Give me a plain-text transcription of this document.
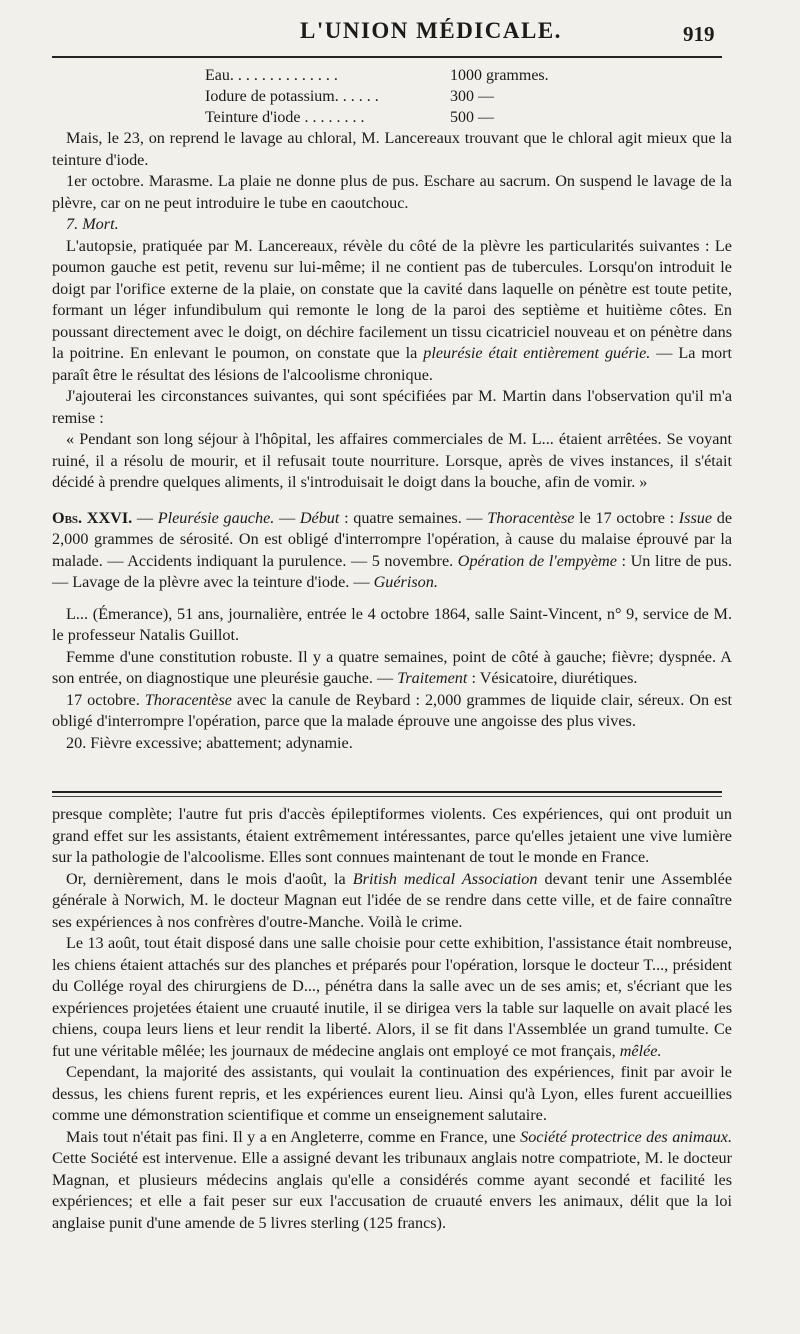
L'UNION MÉDICALE.	919
Eau. . . . . . . . . . . . . .	1000 grammes.
Iodure de potassium. . . . . .	300 —
Teinture d'iode . . . . . . . .	500 —

Mais, le 23, on reprend le lavage au chloral, M. Lancereaux trouvant que le chloral agit mieux que la teinture d'iode.

1er octobre. Marasme. La plaie ne donne plus de pus. Eschare au sacrum. On suspend le lavage de la plèvre, car on ne peut introduire le tube en caoutchouc.

7. Mort.

L'autopsie, pratiquée par M. Lancereaux, révèle du côté de la plèvre les particularités suivantes : Le poumon gauche est petit, revenu sur lui-même; il ne contient pas de tubercules. Lorsqu'on introduit le doigt par l'orifice externe de la plaie, on constate que la cavité dans laquelle on pénètre est toute petite, formant un léger infundibulum qui remonte le long de la paroi des septième et huitième côtes. En poussant directement avec le doigt, on déchire facilement un tissu cicatriciel nouveau et on pénètre dans la poitrine. En enlevant le poumon, on constate que la pleurésie était entièrement guérie. — La mort paraît être le résultat des lésions de l'alcoolisme chronique.

J'ajouterai les circonstances suivantes, qui sont spécifiées par M. Martin dans l'observation qu'il m'a remise :

« Pendant son long séjour à l'hôpital, les affaires commerciales de M. L... étaient arrêtées. Se voyant ruiné, il a résolu de mourir, et il refusait toute nourriture. Lorsque, après de vives instances, il s'était décidé à prendre quelques aliments, il s'introduisait le doigt dans la bouche, afin de vomir. »

Obs. XXVI. — Pleurésie gauche. — Début : quatre semaines. — Thoracentèse le 17 octobre : Issue de 2,000 grammes de sérosité. On est obligé d'interrompre l'opération, à cause du malaise éprouvé par la malade. — Accidents indiquant la purulence. — 5 novembre. Opération de l'empyème : Un litre de pus. — Lavage de la plèvre avec la teinture d'iode. — Guérison.

L... (Émerance), 51 ans, journalière, entrée le 4 octobre 1864, salle Saint-Vincent, n° 9, service de M. le professeur Natalis Guillot.

Femme d'une constitution robuste. Il y a quatre semaines, point de côté à gauche; fièvre; dyspnée. A son entrée, on diagnostique une pleurésie gauche. — Traitement : Vésicatoire, diurétiques.

17 octobre. Thoracentèse avec la canule de Reybard : 2,000 grammes de liquide clair, séreux. On est obligé d'interrompre l'opération, parce que la malade éprouve une angoisse des plus vives.

20. Fièvre excessive; abattement; adynamie.

presque complète; l'autre fut pris d'accès épileptiformes violents. Ces expériences, qui ont produit un grand effet sur les assistants, étaient extrêmement intéressantes, parce qu'elles jetaient une vive lumière sur la pathologie de l'alcoolisme. Elles sont connues maintenant de tout le monde en France.

Or, dernièrement, dans le mois d'août, la British medical Association devant tenir une Assemblée générale à Norwich, M. le docteur Magnan eut l'idée de se rendre dans cette ville, et de faire connaître ses expériences à nos confrères d'outre-Manche. Voilà le crime.

Le 13 août, tout était disposé dans une salle choisie pour cette exhibition, l'assistance était nombreuse, les chiens étaient attachés sur des planches et préparés pour l'opération, lorsque le docteur T..., président du Collége royal des chirurgiens de D..., pénétra dans la salle avec un de ses amis; et, s'écriant que les expériences projetées étaient une cruauté inutile, il se dirigea vers la table sur laquelle on avait placé les chiens, coupa leurs liens et leur rendit la liberté. Alors, il se fit dans l'Assemblée un grand tumulte. Ce fut une véritable mêlée; les journaux de médecine anglais ont employé ce mot français, mêlée.

Cependant, la majorité des assistants, qui voulait la continuation des expériences, finit par avoir le dessus, les chiens furent repris, et les expériences eurent lieu. Ainsi qu'à Lyon, elles furent accueillies comme une démonstration scientifique et comme un enseignement salutaire.

Mais tout n'était pas fini. Il y a en Angleterre, comme en France, une Société protectrice des animaux. Cette Société est intervenue. Elle a assigné devant les tribunaux anglais notre compatriote, M. le docteur Magnan, et plusieurs médecins anglais qu'elle a considérés comme ayant secondé et facilité les expériences; et elle a fait peser sur eux l'accusation de cruauté envers les animaux, délit que la loi anglaise punit d'une amende de 5 livres sterling (125 francs).
